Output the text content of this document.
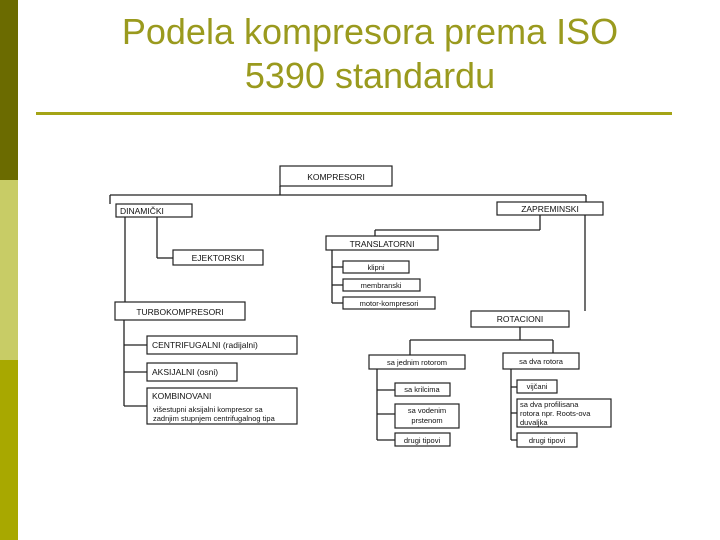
Podela kompresora prema ISO
5390 standardu
KOMPRESORI
DINAMIČKI	ZAPREMINSKI
EJEKTORSKI
TRANSLATORNI
klipni
membranski
motor-kompresori
TURBOKOMPRESORI
ROTACIONI
CENTRIFUGALNI (radijalni)
AKSIJALNI (osni)
KOMBINOVANI
višestupni aksijalni kompresor sa
zadnjim stupnjem centrifugalnog tipa
sa jednim rotorom	sa dva rotora
sa krilcima
sa vodenim
prstenom
drugi tipovi
vijčani
sa dva profilisana
rotora npr. Roots-ova
duvaljka
drugi tipovi
